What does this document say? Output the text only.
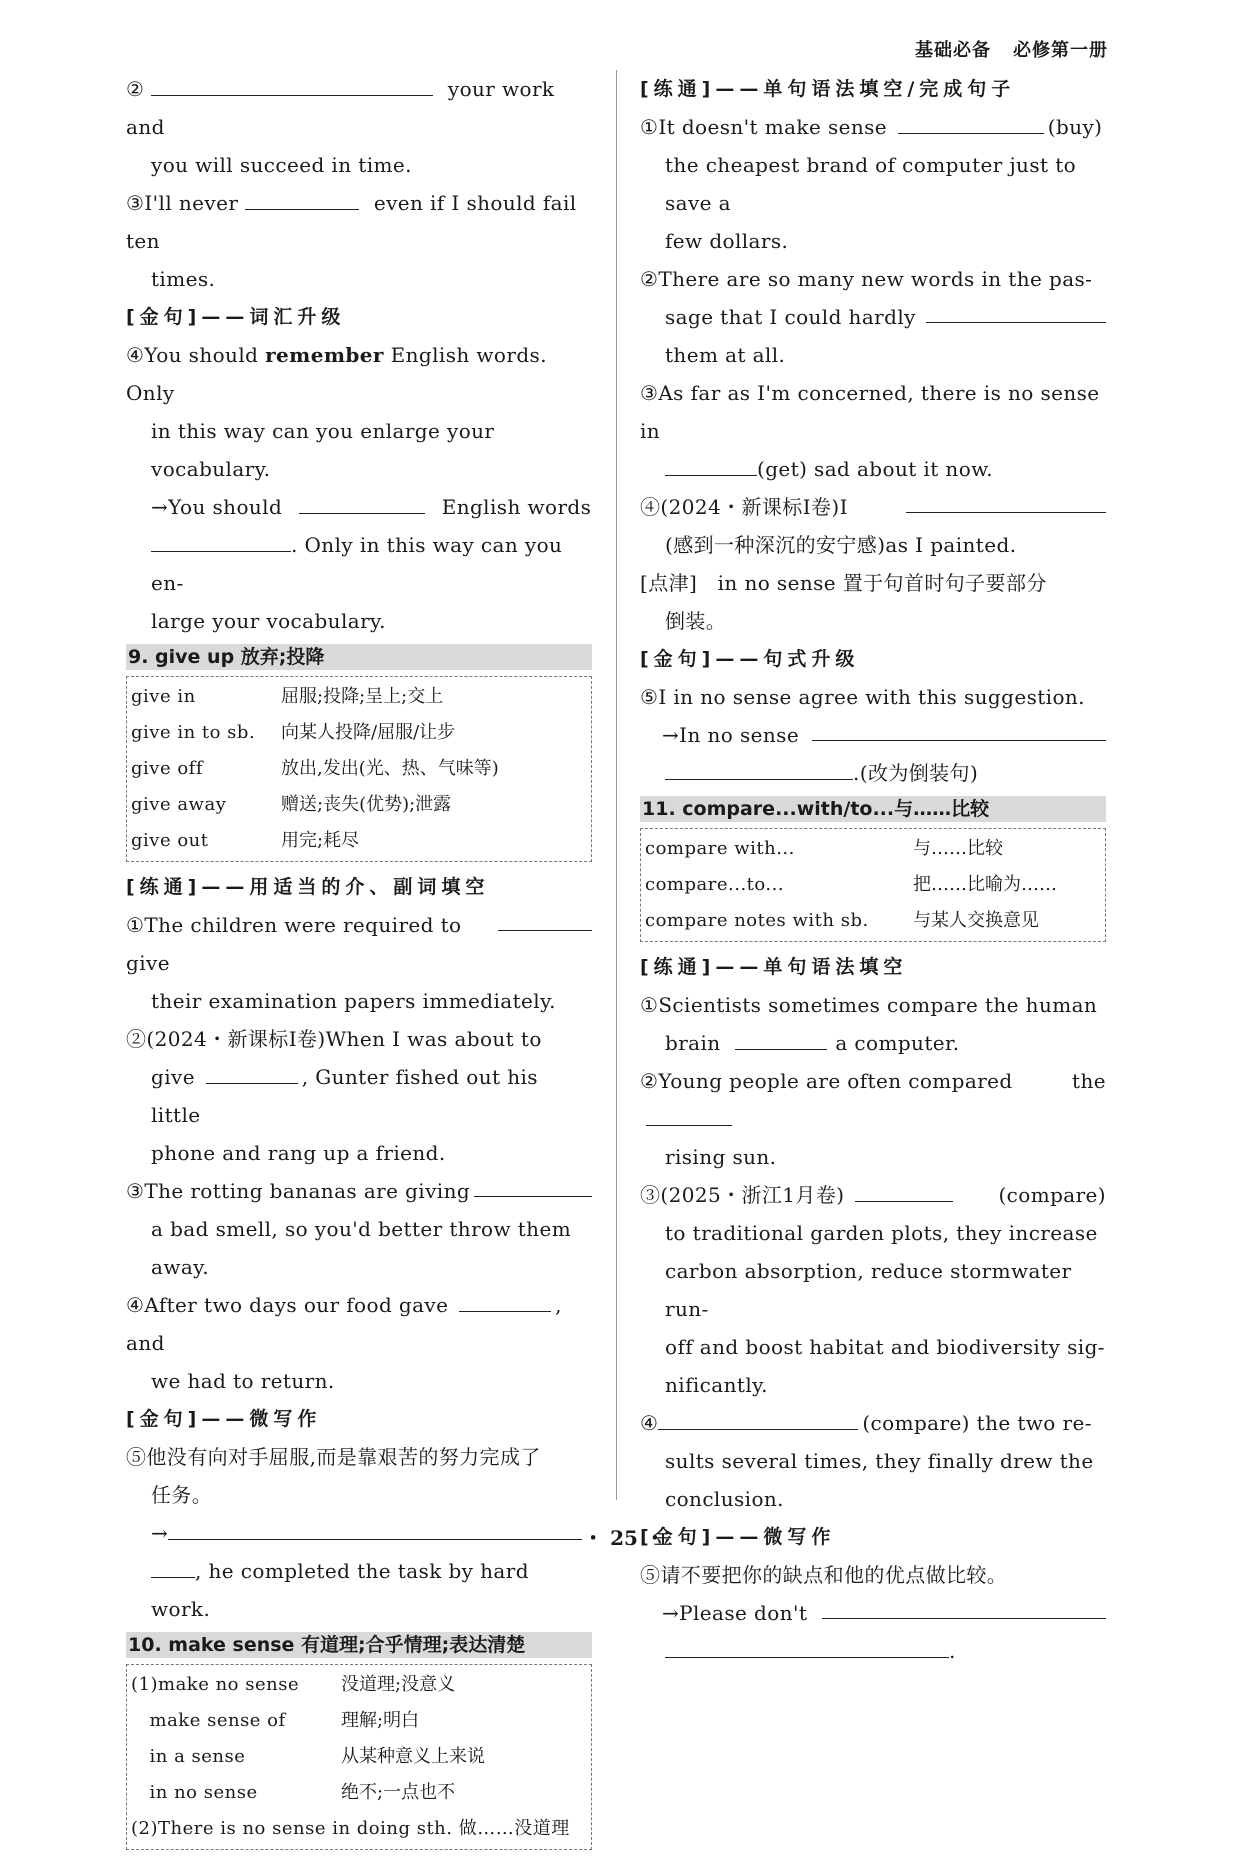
基础必备 必修第一册
②	your work and
you will succeed in time.
③I'll never	even if I should fail ten
times.
[金句]——词汇升级
④You should remember English words. Only
in this way can you enlarge your vocabulary.
→You should	English words
. Only in this way can you en-
large your vocabulary.
9. give up 放弃;投降
give in	屈服;投降;呈上;交上
give in to sb.	向某人投降/屈服/让步
give off	放出,发出(光、热、气味等)
give away	赠送;丧失(优势);泄露
give out	用完;耗尽
[练通]——用适当的介、副词填空
①The children were required to give
their examination papers immediately.
②(2024・新课标Ⅰ卷)When I was about to
give	, Gunter fished out his little
phone and rang up a friend.
③The rotting bananas are giving
a bad smell, so you'd better throw them
away.
④After two days our food gave	, and
we had to return.
[金句]——微写作
⑤他没有向对手屈服,而是靠艰苦的努力完成了
任务。
→
, he completed the task by hard work.
10. make sense 有道理;合乎情理;表达清楚
(1)make no sense	没道理;没意义
　make sense of	理解;明白
　in a sense	从某种意义上来说
　in no sense	绝不;一点也不
(2)There is no sense in doing sth. 做……没道理
[练通]——单句语法填空/完成句子
①It doesn't make sense	(buy)
the cheapest brand of computer just to save a
few dollars.
②There are so many new words in the pas-
sage that I could hardly
them at all.
③As far as I'm concerned, there is no sense in
(get) sad about it now.
④(2024・新课标Ⅰ卷)I
(感到一种深沉的安宁感)as I painted.
[点津]　in no sense 置于句首时句子要部分
倒装。
[金句]——句式升级
⑤I in no sense agree with this suggestion.
→In no sense
.(改为倒装句)
11. compare...with/to...与……比较
compare with...	与……比较
compare...to...	把……比喻为……
compare notes with sb.	与某人交换意见
[练通]——单句语法填空
①Scientists sometimes compare the human
brain	a computer.
②Young people are often compared	the
rising sun.
③(2025・浙江1月卷)	(compare)
to traditional garden plots, they increase
carbon absorption, reduce stormwater run-
off and boost habitat and biodiversity sig-
nificantly.
④	(compare) the two re-
sults several times, they finally drew the
conclusion.
[金句]——微写作
⑤请不要把你的缺点和他的优点做比较。
→Please don't
.
・ 25 ・
